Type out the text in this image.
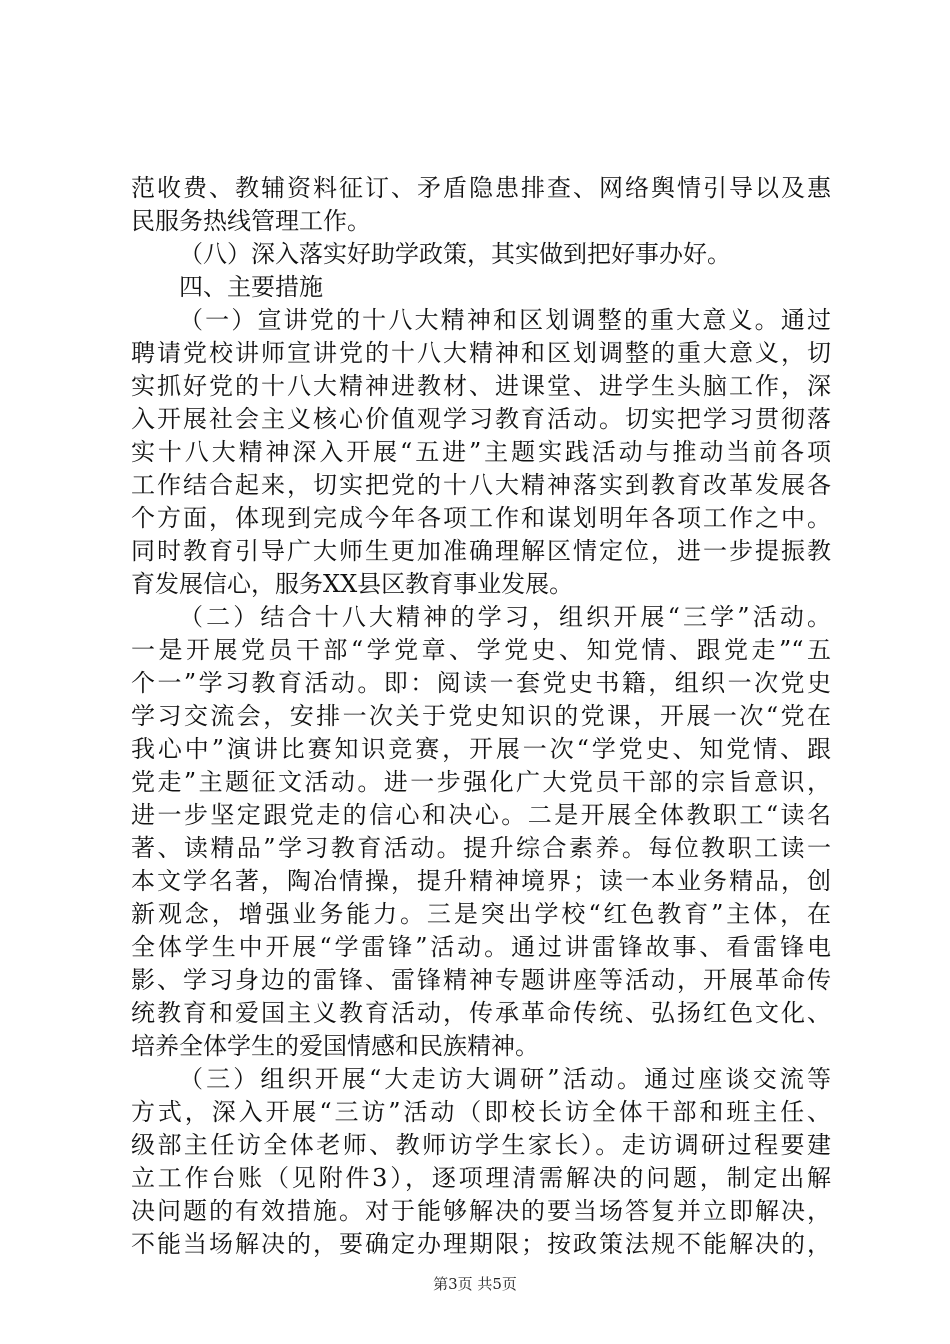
范收费、教辅资料征订、矛盾隐患排查、网络舆情引导以及惠
民服务热线管理工作。
（八）深入落实好助学政策，其实做到把好事办好。
四、主要措施
（一）宣讲党的十八大精神和区划调整的重大意义。通过
聘请党校讲师宣讲党的十八大精神和区划调整的重大意义，切
实抓好党的十八大精神进教材、进课堂、进学生头脑工作，深
入开展社会主义核心价值观学习教育活动。切实把学习贯彻落
实十八大精神深入开展“五进”主题实践活动与推动当前各项
工作结合起来，切实把党的十八大精神落实到教育改革发展各
个方面，体现到完成今年各项工作和谋划明年各项工作之中。
同时教育引导广大师生更加准确理解区情定位，进一步提振教
育发展信心，服务XX县区教育事业发展。
（二）结合十八大精神的学习，组织开展“三学”活动。
一是开展党员干部“学党章、学党史、知党情、跟党走”“五
个一”学习教育活动。即：阅读一套党史书籍，组织一次党史
学习交流会，安排一次关于党史知识的党课，开展一次“党在
我心中”演讲比赛知识竞赛，开展一次“学党史、知党情、跟
党走”主题征文活动。进一步强化广大党员干部的宗旨意识，
进一步坚定跟党走的信心和决心。二是开展全体教职工“读名
著、读精品”学习教育活动。提升综合素养。每位教职工读一
本文学名著，陶冶情操，提升精神境界；读一本业务精品，创
新观念，增强业务能力。三是突出学校“红色教育”主体，在
全体学生中开展“学雷锋”活动。通过讲雷锋故事、看雷锋电
影、学习身边的雷锋、雷锋精神专题讲座等活动，开展革命传
统教育和爱国主义教育活动，传承革命传统、弘扬红色文化、
培养全体学生的爱国情感和民族精神。
（三）组织开展“大走访大调研”活动。通过座谈交流等
方式，深入开展“三访”活动（即校长访全体干部和班主任、
级部主任访全体老师、教师访学生家长）。走访调研过程要建
立工作台账（见附件3），逐项理清需解决的问题，制定出解
决问题的有效措施。对于能够解决的要当场答复并立即解决，
不能当场解决的，要确定办理期限；按政策法规不能解决的，
第3页 共5页
